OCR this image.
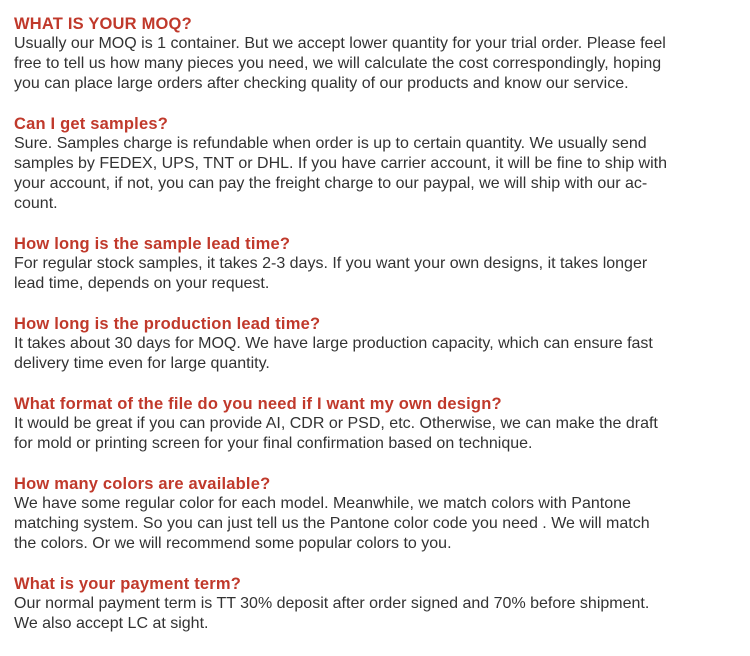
WHAT IS YOUR MOQ?

Usually our MOQ is 1 container. But we accept lower quantity for your trial order. Please feel
free to tell us how many pieces you need, we will calculate the cost correspondingly, hoping
you can place large orders after checking quality of our products and know our service.

Can I get samples?

Sure. Samples charge is refundable when order is up to certain quantity. We usually send
samples by FEDEX, UPS, TNT or DHL. If you have carrier account, it will be fine to ship with
your account, if not, you can pay the freight charge to our paypal, we will ship with our ac-
count.

How long is the sample lead time?

For regular stock samples, it takes 2-3 days. If you want your own designs, it takes longer
lead time, depends on your request.

How long is the production lead time?

It takes about 30 days for MOQ. We have large production capacity, which can ensure fast
delivery time even for large quantity.

What format of the file do you need if I want my own design?

It would be great if you can provide AI, CDR or PSD, etc. Otherwise, we can make the draft
for mold or printing screen for your final confirmation based on technique.

How many colors are available?

We have some regular color for each model. Meanwhile, we match colors with Pantone
matching system. So you can just tell us the Pantone color code you need . We will match
the colors. Or we will recommend some popular colors to you.

What is your payment term?

Our normal payment term is TT 30% deposit after order signed and 70% before shipment.
We also accept LC at sight.
